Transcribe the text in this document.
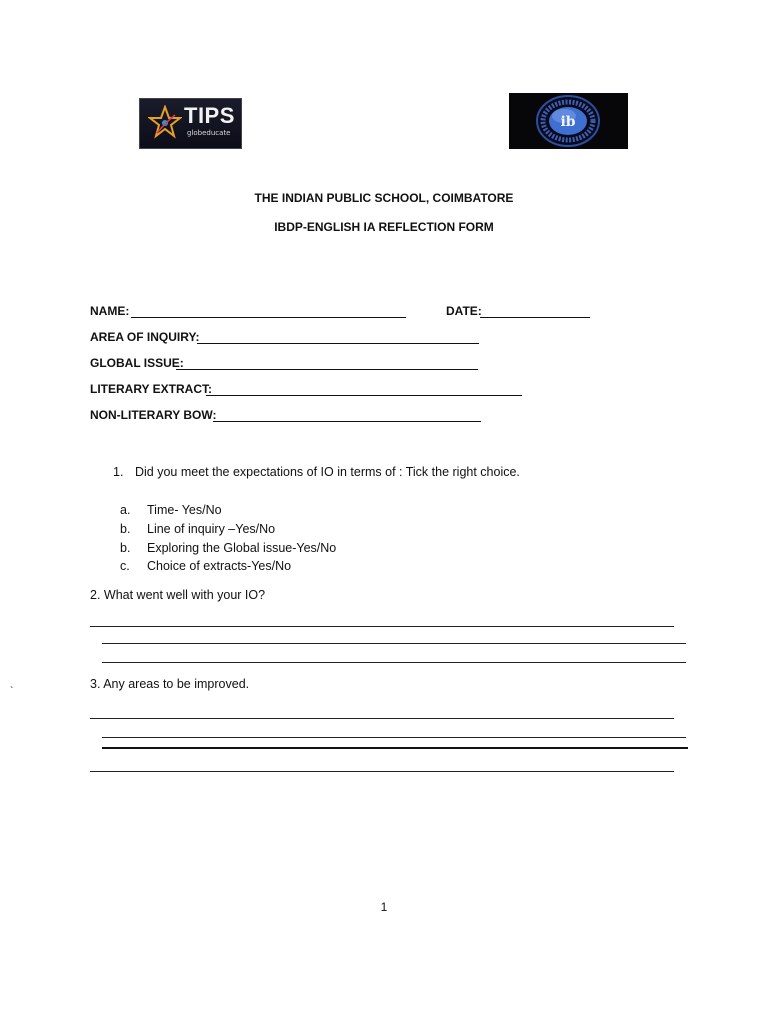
TIPS
globeducate
ib
THE INDIAN PUBLIC SCHOOL, COIMBATORE
IBDP-ENGLISH IA REFLECTION FORM
NAME:	DATE:
AREA OF INQUIRY:
GLOBAL ISSUE:
LITERARY EXTRACT:
NON-LITERARY BOW:
1. Did you meet the expectations of IO in terms of : Tick the right choice.
a. Time- Yes/No
b. Line of inquiry –Yes/No
b. Exploring the Global issue-Yes/No
c. Choice of extracts-Yes/No
2. What went well with your IO?
`
3. Any areas to be improved.
1
